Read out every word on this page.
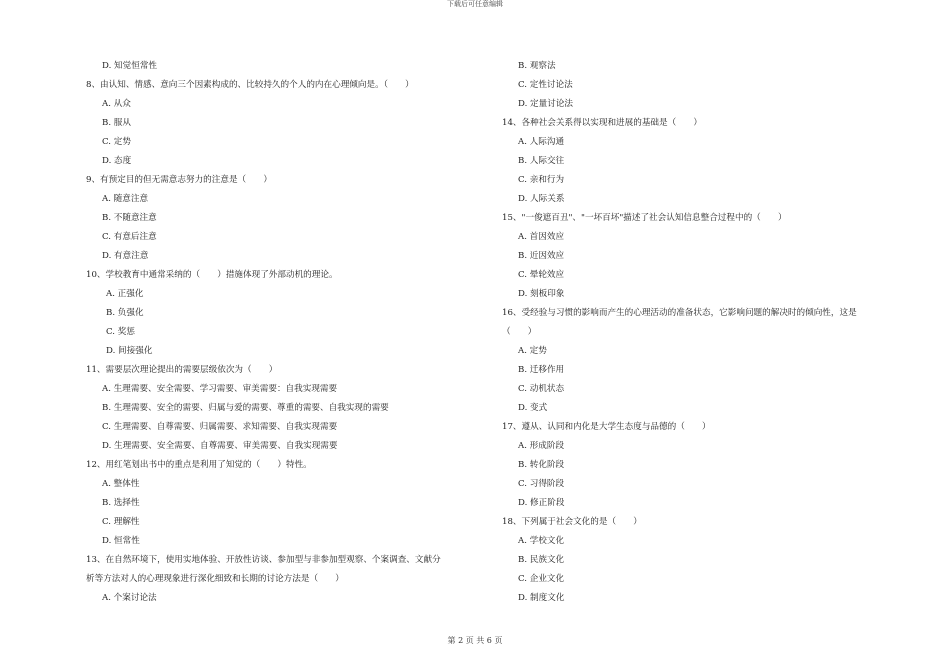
下载后可任意编辑
D. 知觉恒常性
8、由认知、情感、意向三个因素构成的、比较持久的个人的内在心理倾向是。（　　）
A. 从众
B. 服从
C. 定势
D. 态度
9、有预定目的但无需意志努力的注意是（　　）
A. 随意注意
B. 不随意注意
C. 有意后注意
D. 有意注意
10、学校教育中通常采纳的（　　）措施体现了外部动机的理论。
A. 正强化
B. 负强化
C. 奖惩
D. 间接强化
11、需要层次理论提出的需要层级依次为（　　）
A. 生理需要、安全需要、学习需要、审美需要：自我实现需要
B. 生理需要、安全的需要、归属与爱的需要、尊重的需要、自我实现的需要
C. 生理需要、自尊需要、归属需要、求知需要、自我实现需要
D. 生理需要、安全需要、自尊需要、审美需要、自我实现需要
12、用红笔划出书中的重点是利用了知觉的（　　）特性。
A. 整体性
B. 选择性
C. 理解性
D. 恒常性
13、在自然环境下，使用实地体验、开放性访谈、参加型与非参加型观察、个案调查、文献分
析等方法对人的心理现象进行深化细致和长期的讨论方法是（　　）
A. 个案讨论法
B. 观察法
C. 定性讨论法
D. 定量讨论法
14、各种社会关系得以实现和进展的基础是（　　）
A. 人际沟通
B. 人际交往
C. 亲和行为
D. 人际关系
15、"一俊遮百丑"、"一坏百坏"描述了社会认知信息整合过程中的（　　）
A. 首因效应
B. 近因效应
C. 晕轮效应
D. 刻板印象
16、受经验与习惯的影响而产生的心理活动的准备状态，它影响问题的解决时的倾向性，这是
（　　）
A. 定势
B. 迁移作用
C. 动机状态
D. 变式
17、遵从、认同和内化是大学生态度与品德的（　　）
A. 形成阶段
B. 转化阶段
C. 习得阶段
D. 修正阶段
18、下列属于社会文化的是（　　）
A. 学校文化
B. 民族文化
C. 企业文化
D. 制度文化
第 2 页 共 6 页
